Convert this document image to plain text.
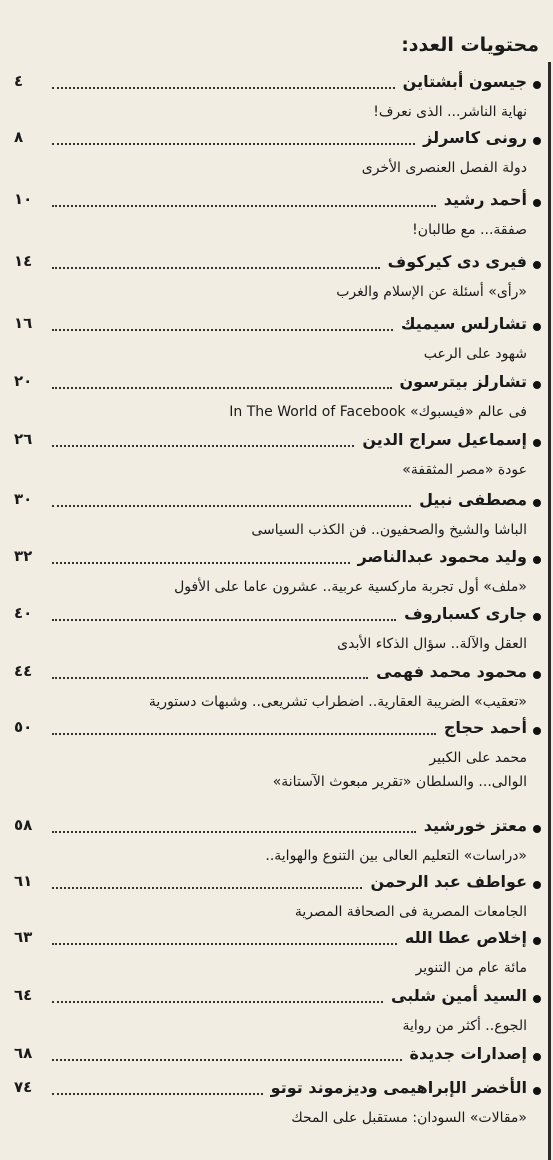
محتويات العدد:
جيسون أبشتاين
٤
نهاية الناشر... الذى نعرف!
رونى كاسرلز
٨
دولة الفصل العنصرى الأخرى
أحمد رشيد
١٠
صفقة... مع طالبان!
فيرى دى كيركوف
١٤
«رأى» أسئلة عن الإسلام والغرب
تشارلس سيميك
١٦
شهود على الرعب
تشارلز بيترسون
٢٠
فى عالم «فيسبوك» In The World of Facebook
إسماعيل سراج الدين
٢٦
عودة «مصر المثقفة»
مصطفى نبيل
٣٠
الباشا والشيخ والصحفيون.. فن الكذب السياسى
وليد محمود عبدالناصر
٣٢
«ملف» أول تجربة ماركسية عربية.. عشرون عاما على الأفول
جارى كسباروف
٤٠
العقل والآلة.. سؤال الذكاء الأبدى
محمود محمد فهمى
٤٤
«تعقيب» الضريبة العقارية.. اضطراب تشريعى.. وشبهات دستورية
أحمد حجاج
٥٠
محمد على الكبير
الوالى... والسلطان «تقرير مبعوث الآستانة»
معتز خورشيد
٥٨
«دراسات» التعليم العالى بين التنوع والهواية..
عواطف عبد الرحمن
٦١
الجامعات المصرية فى الصحافة المصرية
إخلاص عطا الله
٦٣
مائة عام من التنوير
السيد أمين شلبى
٦٤
الجوع.. أكثر من رواية
إصدارات جديدة
٦٨
الأخضر الإبراهيمى وديزموند توتو
٧٤
«مقالات» السودان: مستقبل على المحك
